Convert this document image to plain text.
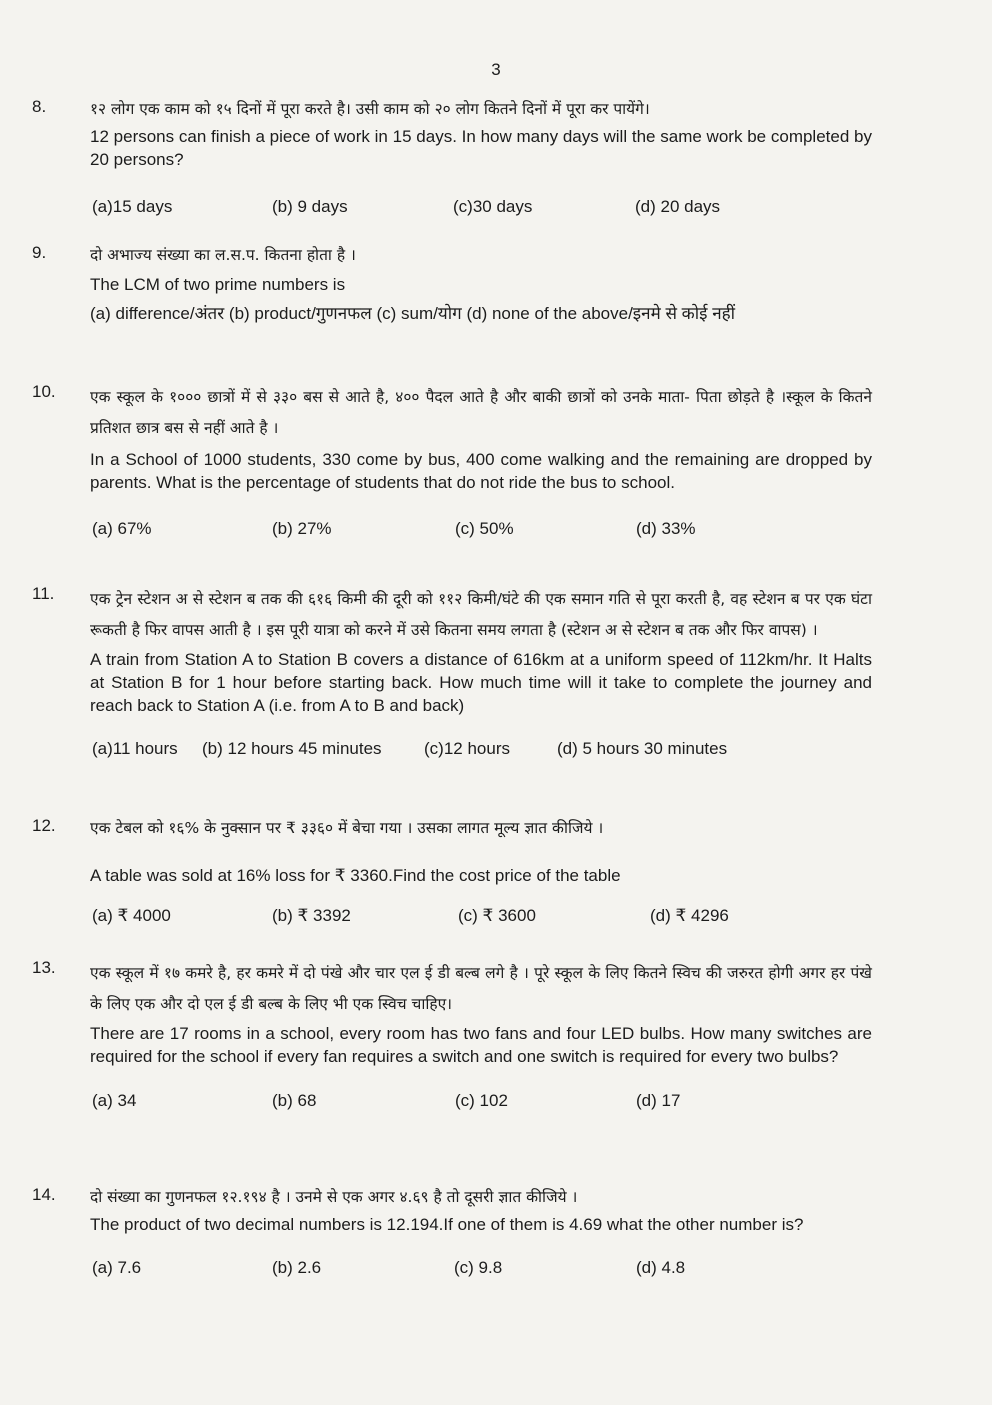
3
8.	१२ लोग एक काम को १५ दिनों में पूरा करते है। उसी काम को २० लोग कितने दिनों में पूरा कर पायेंगे।
12 persons can finish a piece of work in 15 days. In how many days will the same work be completed by 20 persons?
(a)15 days	(b) 9 days	(c)30 days	(d) 20 days
9.	दो अभाज्य संख्या का ल.स.प. कितना होता है ।
The LCM of two prime numbers is
(a) difference/अंतर (b) product/गुणनफल (c) sum/योग (d) none of the above/इनमे से कोई नहीं
10. एक स्कूल के १००० छात्रों में से ३३० बस से आते है, ४०० पैदल आते है और बाकी छात्रों को उनके माता- पिता छोड़ते है ।स्कूल के कितने प्रतिशत छात्र बस से नहीं आते है ।
In a School of 1000 students, 330 come by bus, 400 come walking and the remaining are dropped by parents. What is the percentage of students that do not ride the bus to school.
(a) 67%	(b) 27%	(c) 50%	(d) 33%
11. एक ट्रेन स्टेशन अ से स्टेशन ब तक की ६१६ किमी की दूरी को ११२ किमी/घंटे की एक समान गति से पूरा करती है, वह स्टेशन ब पर एक घंटा रूकती है फिर वापस आती है । इस पूरी यात्रा को करने में उसे कितना समय लगता है (स्टेशन अ से स्टेशन ब तक और फिर वापस) ।
A train from Station A to Station B covers a distance of 616km at a uniform speed of 112km/hr. It Halts at Station B for 1 hour before starting back. How much time will it take to complete the journey and reach back to Station A (i.e. from A to B and back)
(a)11 hours (b) 12 hours 45 minutes (c)12 hours	(d) 5 hours 30 minutes
12. एक टेबल को १६% के नुक्सान पर ₹ ३३६० में बेचा गया । उसका लागत मूल्य ज्ञात कीजिये ।
A table was sold at 16% loss for ₹ 3360.Find the cost price of the table
(a) ₹ 4000	(b) ₹ 3392	(c) ₹ 3600	(d) ₹ 4296
13. एक स्कूल में १७ कमरे है, हर कमरे में दो पंखे और चार एल ई डी बल्ब लगे है । पूरे स्कूल के लिए कितने स्विच की जरुरत होगी अगर हर पंखे के लिए एक और दो एल ई डी बल्ब के लिए भी एक स्विच चाहिए।
There are 17 rooms in a school, every room has two fans and four LED bulbs. How many switches are required for the school if every fan requires a switch and one switch is required for every two bulbs?
(a) 34	(b) 68	(c) 102	(d) 17
14. दो संख्या का गुणनफल १२.१९४ है । उनमे से एक अगर ४.६९ है तो दूसरी ज्ञात कीजिये ।
The product of two decimal numbers is 12.194.If one of them is 4.69 what the other number is?
(a) 7.6	(b) 2.6	(c) 9.8	(d) 4.8
